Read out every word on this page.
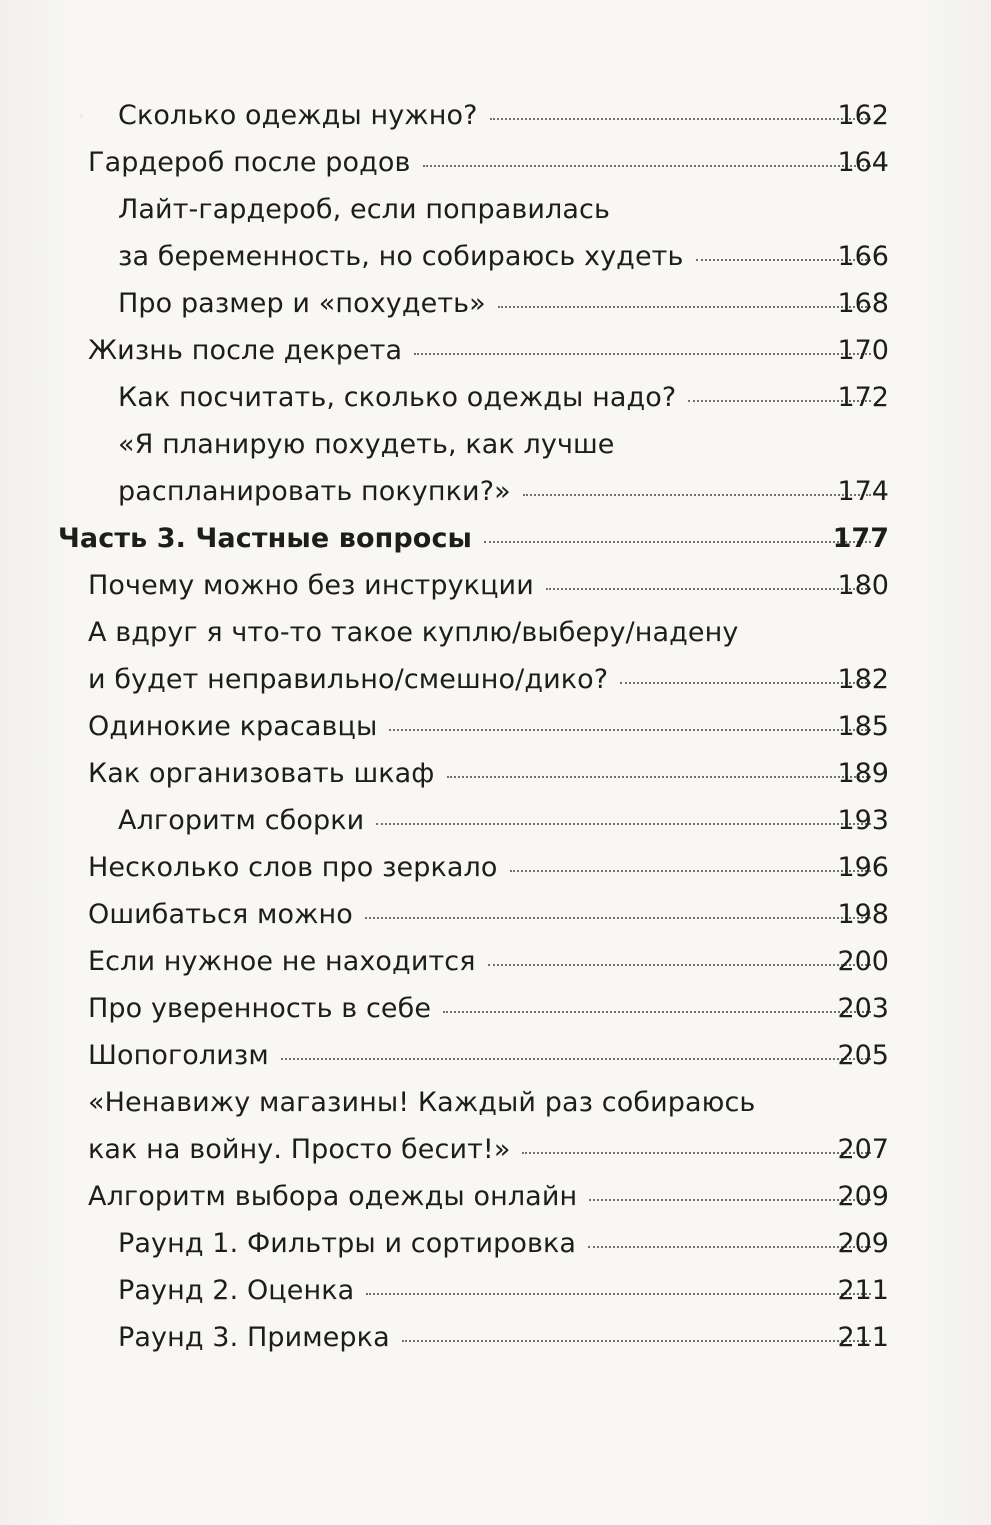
· Сколько одежды нужно?	162
Гардероб после родов	164
Лайт-гардероб, если поправилась
за беременность, но собираюсь худеть	166
Про размер и «похудеть»	168
Жизнь после декрета	170
Как посчитать, сколько одежды надо?	172
«Я планирую похудеть, как лучше
распланировать покупки?»	174
Часть 3. Частные вопросы	177
Почему можно без инструкции	180
А вдруг я что-то такое куплю/выберу/надену
и будет неправильно/смешно/дико?	182
Одинокие красавцы	185
Как организовать шкаф	189
Алгоритм сборки	193
Несколько слов про зеркало	196
Ошибаться можно	198
Если нужное не находится	200
Про уверенность в себе	203
Шопоголизм	205
«Ненавижу магазины! Каждый раз собираюсь
как на войну. Просто бесит!»	207
Алгоритм выбора одежды онлайн	209
Раунд 1. Фильтры и сортировка	209
Раунд 2. Оценка	211
Раунд 3. Примерка	211
